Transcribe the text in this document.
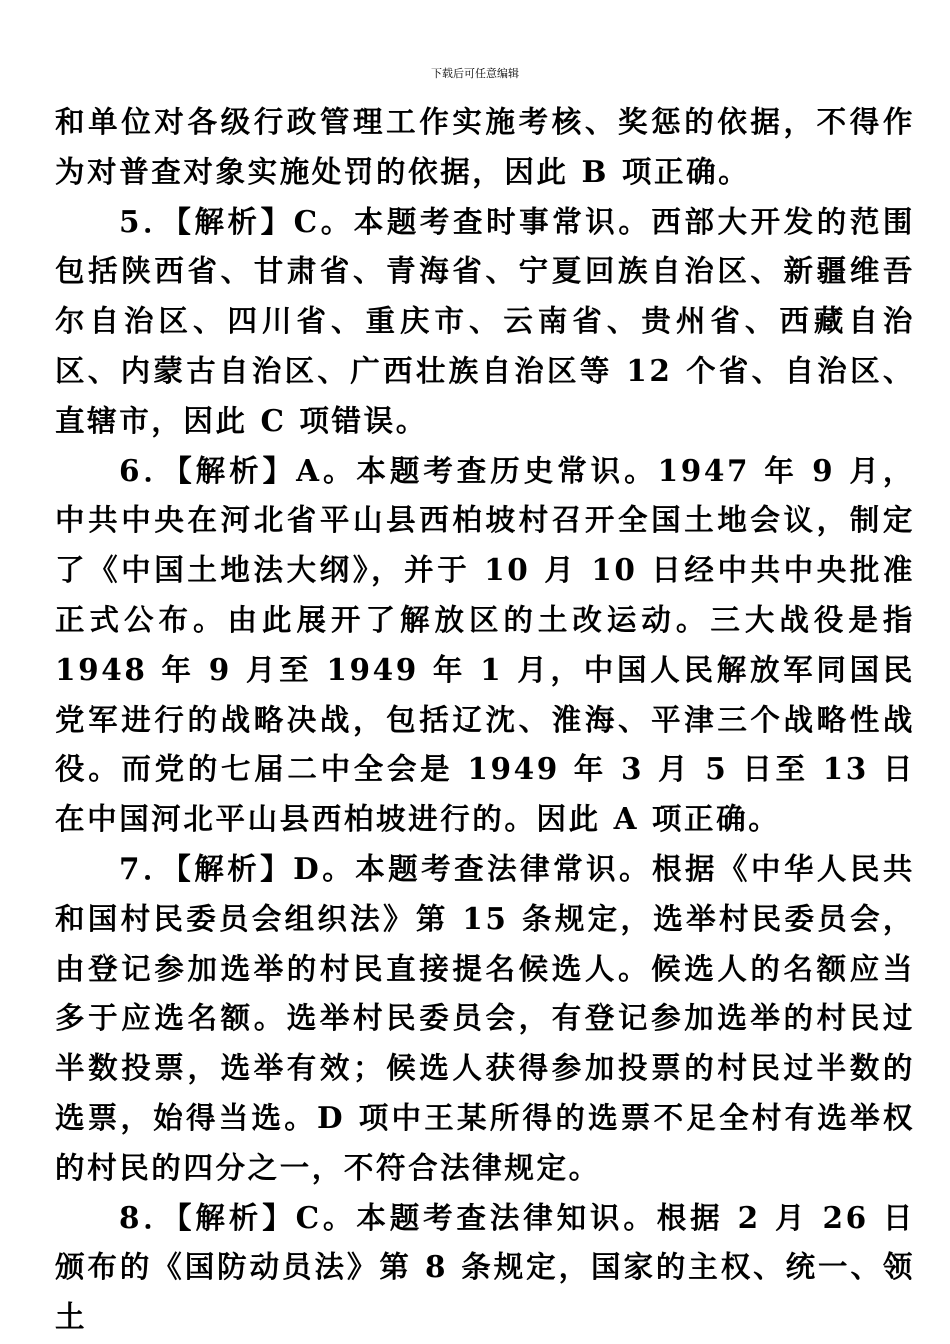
下载后可任意编辑

和单位对各级行政管理工作实施考核、奖惩的依据，不得作为对普查对象实施处罚的依据，因此 B 项正确。

5．【解析】C。本题考查时事常识。西部大开发的范围包括陕西省、甘肃省、青海省、宁夏回族自治区、新疆维吾尔自治区、四川省、重庆市、云南省、贵州省、西藏自治区、内蒙古自治区、广西壮族自治区等 12 个省、自治区、直辖市，因此 C 项错误。

6．【解析】A。本题考查历史常识。1947 年 9 月，中共中央在河北省平山县西柏坡村召开全国土地会议，制定了《中国土地法大纲》，并于 10 月 10 日经中共中央批准正式公布。由此展开了解放区的土改运动。三大战役是指 1948 年 9 月至 1949 年 1 月，中国人民解放军同国民党军进行的战略决战，包括辽沈、淮海、平津三个战略性战役。而党的七届二中全会是 1949 年 3 月 5 日至 13 日在中国河北平山县西柏坡进行的。因此 A 项正确。

7．【解析】D。本题考查法律常识。根据《中华人民共和国村民委员会组织法》第 15 条规定，选举村民委员会，由登记参加选举的村民直接提名候选人。候选人的名额应当多于应选名额。选举村民委员会，有登记参加选举的村民过半数投票，选举有效；候选人获得参加投票的村民过半数的选票，始得当选。D 项中王某所得的选票不足全村有选举权的村民的四分之一，不符合法律规定。

8．【解析】C。本题考查法律知识。根据 2 月 26 日颁布的《国防动员法》第 8 条规定，国家的主权、统一、领土
